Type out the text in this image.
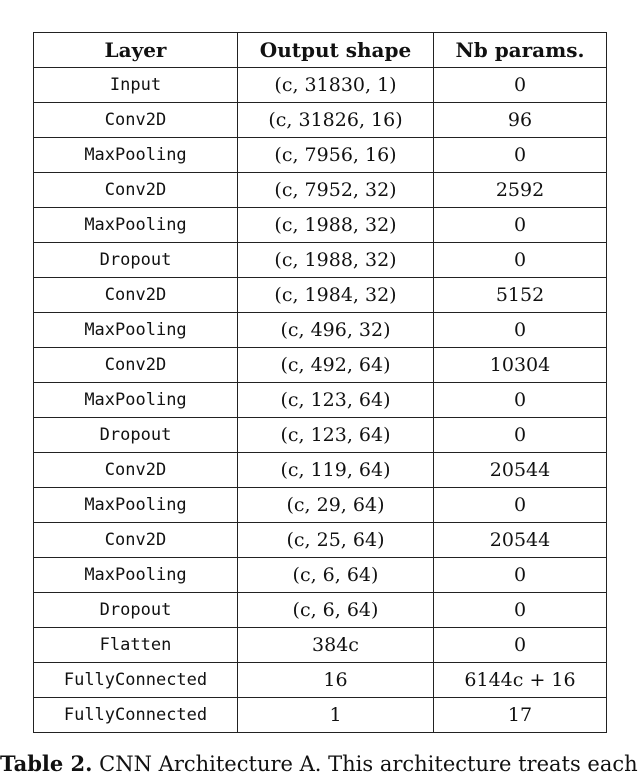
Layer	Output shape	Nb params.
Input	(c, 31830, 1)	0
Conv2D	(c, 31826, 16)	96
MaxPooling	(c, 7956, 16)	0
Conv2D	(c, 7952, 32)	2592
MaxPooling	(c, 1988, 32)	0
Dropout	(c, 1988, 32)	0
Conv2D	(c, 1984, 32)	5152
MaxPooling	(c, 496, 32)	0
Conv2D	(c, 492, 64)	10304
MaxPooling	(c, 123, 64)	0
Dropout	(c, 123, 64)	0
Conv2D	(c, 119, 64)	20544
MaxPooling	(c, 29, 64)	0
Conv2D	(c, 25, 64)	20544
MaxPooling	(c, 6, 64)	0
Dropout	(c, 6, 64)	0
Flatten	384c	0
FullyConnected	16	6144c + 16
FullyConnected	1	17
Table 2. CNN Architecture A. This architecture treats each
